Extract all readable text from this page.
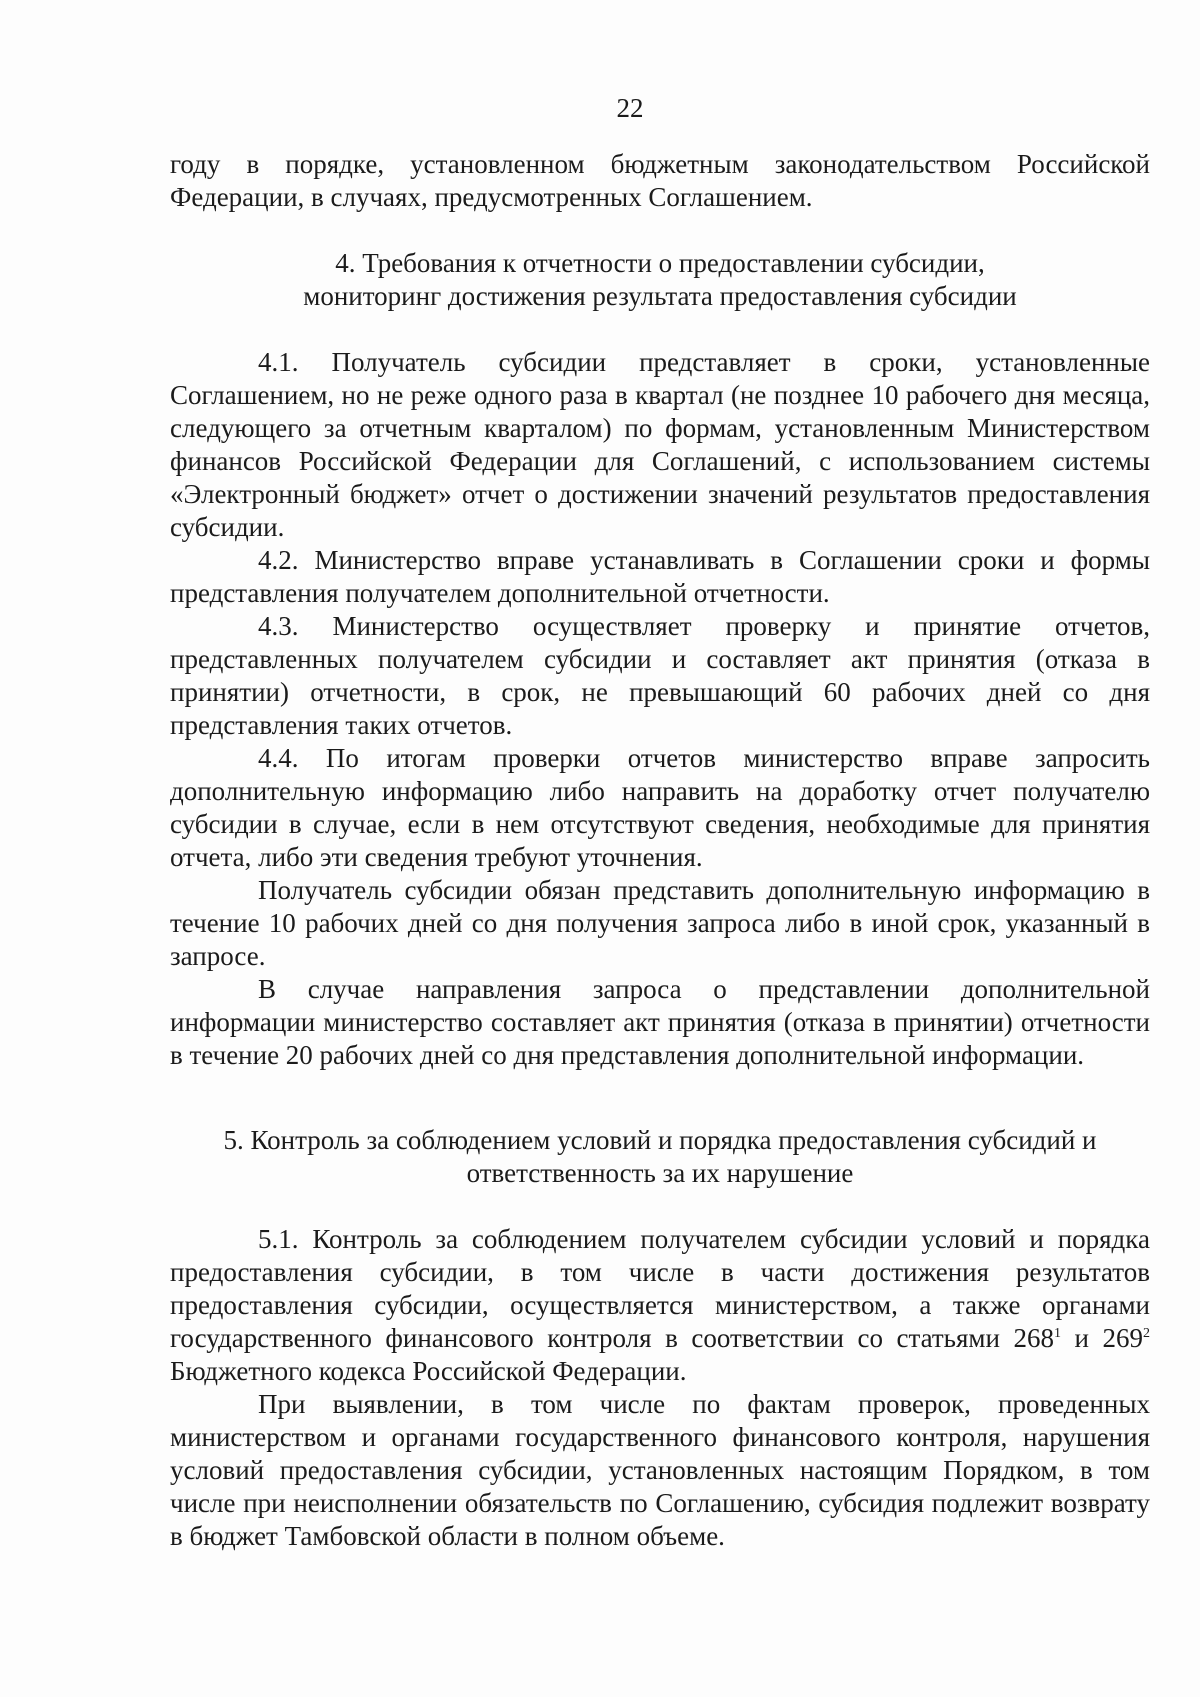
22

году в порядке, установленном бюджетным законодательством Российской Федерации, в случаях, предусмотренных Соглашением.

4. Требования к отчетности о предоставлении субсидии,

мониторинг достижения результата предоставления субсидии

4.1. Получатель субсидии представляет в сроки, установленные Соглашением, но не реже одного раза в квартал (не позднее 10 рабочего дня месяца, следующего за отчетным кварталом) по формам, установленным Министерством финансов Российской Федерации для Соглашений, с использованием системы «Электронный бюджет» отчет о достижении значений результатов предоставления субсидии.

4.2. Министерство вправе устанавливать в Соглашении сроки и формы представления получателем дополнительной отчетности.

4.3. Министерство осуществляет проверку и принятие отчетов, представленных получателем субсидии и составляет акт принятия (отказа в принятии) отчетности, в срок, не превышающий 60 рабочих дней со дня представления таких отчетов.

4.4. По итогам проверки отчетов министерство вправе запросить дополнительную информацию либо направить на доработку отчет получателю субсидии в случае, если в нем отсутствуют сведения, необходимые для принятия отчета, либо эти сведения требуют уточнения.

Получатель субсидии обязан представить дополнительную информацию в течение 10 рабочих дней со дня получения запроса либо в иной срок, указанный в запросе.

В случае направления запроса о представлении дополнительной информации министерство составляет акт принятия (отказа в принятии) отчетности в течение 20 рабочих дней со дня представления дополнительной информации.

5. Контроль за соблюдением условий и порядка предоставления субсидий и

ответственность за их нарушение

5.1. Контроль за соблюдением получателем субсидии условий и порядка предоставления субсидии, в том числе в части достижения результатов предоставления субсидии, осуществляется министерством, а также органами государственного финансового контроля в соответствии со статьями $268^1$ и $269^2$ Бюджетного кодекса Российской Федерации.

При выявлении, в том числе по фактам проверок, проведенных министерством и органами государственного финансового контроля, нарушения условий предоставления субсидии, установленных настоящим Порядком, в том числе при неисполнении обязательств по Соглашению, субсидия подлежит возврату в бюджет Тамбовской области в полном объеме.
